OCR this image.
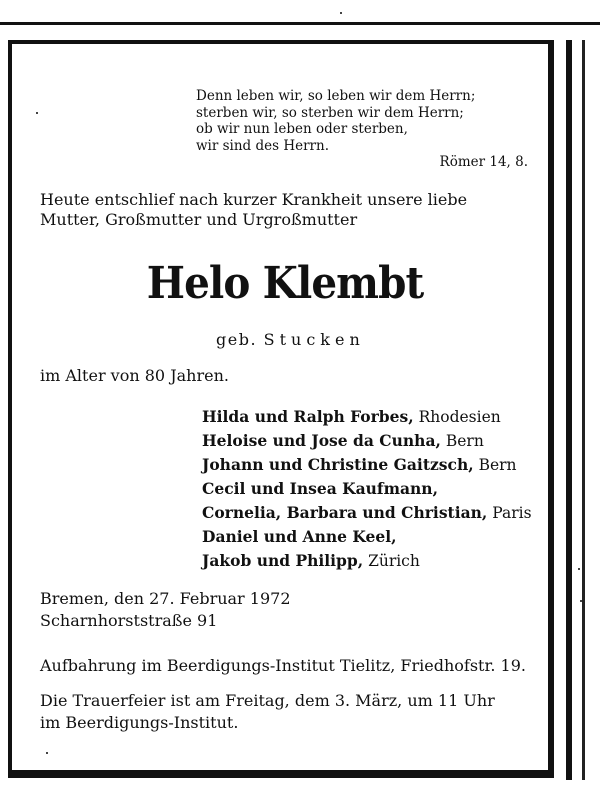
Denn leben wir, so leben wir dem Herrn;
sterben wir, so sterben wir dem Herrn;
ob wir nun leben oder sterben,
wir sind des Herrn.
Römer 14, 8.
Heute entschlief nach kurzer Krankheit unsere liebe
Mutter, Großmutter und Urgroßmutter
Helo Klembt
geb. Stucken
im Alter von 80 Jahren.
Hilda und Ralph Forbes, Rhodesien
Heloise und Jose da Cunha, Bern
Johann und Christine Gaitzsch, Bern
Cecil und Insea Kaufmann,
Cornelia, Barbara und Christian, Paris
Daniel und Anne Keel,
Jakob und Philipp, Zürich
Bremen, den 27. Februar 1972
Scharnhorststraße 91
Aufbahrung im Beerdigungs-Institut Tielitz, Friedhofstr. 19.
Die Trauerfeier ist am Freitag, dem 3. März, um 11 Uhr
im Beerdigungs-Institut.
